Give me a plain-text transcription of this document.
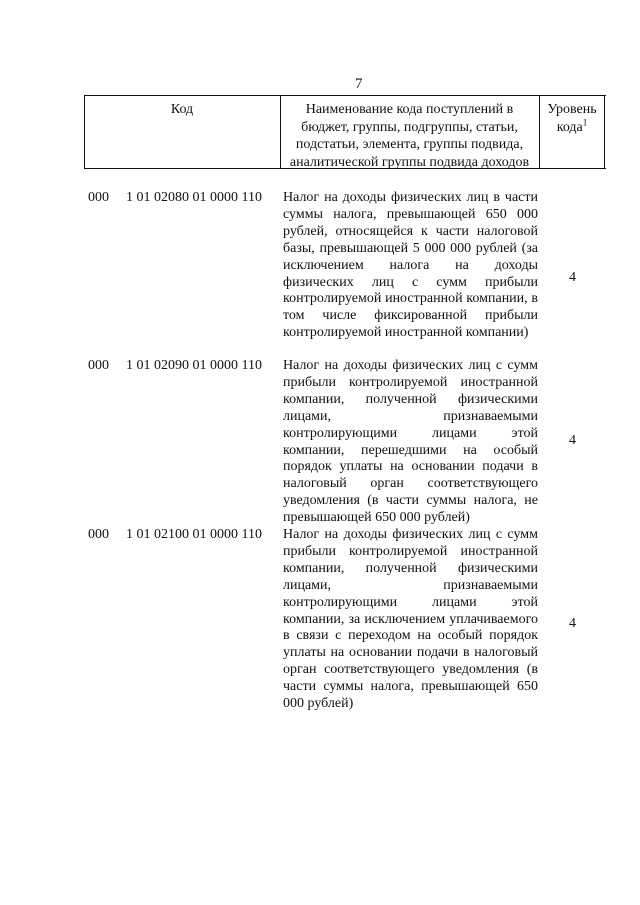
7
Код	Наименование кода поступлений в бюджет, группы, подгруппы, статьи, подстатьи, элемента, группы подвида, аналитической группы подвида доходов
Уровень кода$^1$
000 1 01 02080 01 0000 110 Налог на доходы физических лиц в части суммы налога, превышающей 650 000 рублей, относящейся к части налоговой базы, превышающей 5 000 000 рублей (за исключением налога на доходы физических лиц с сумм прибыли контролируемой иностранной компании, в том числе фиксированной прибыли контролируемой иностранной компании)
4
000 1 01 02090 01 0000 110 Налог на доходы физических лиц с сумм прибыли контролируемой иностранной компании, полученной физическими лицами, признаваемыми контролирующими лицами этой компании, перешедшими на особый порядок уплаты на основании подачи в налоговый орган соответствующего уведомления (в части суммы налога, не превышающей 650 000 рублей)
4
000 1 01 02100 01 0000 110 Налог на доходы физических лиц с сумм прибыли контролируемой иностранной компании, полученной физическими лицами, признаваемыми контролирующими лицами этой компании, за исключением уплачиваемого в связи с переходом на особый порядок уплаты на основании подачи в налоговый орган соответствующего уведомления (в части суммы налога, превышающей 650 000 рублей)
4
